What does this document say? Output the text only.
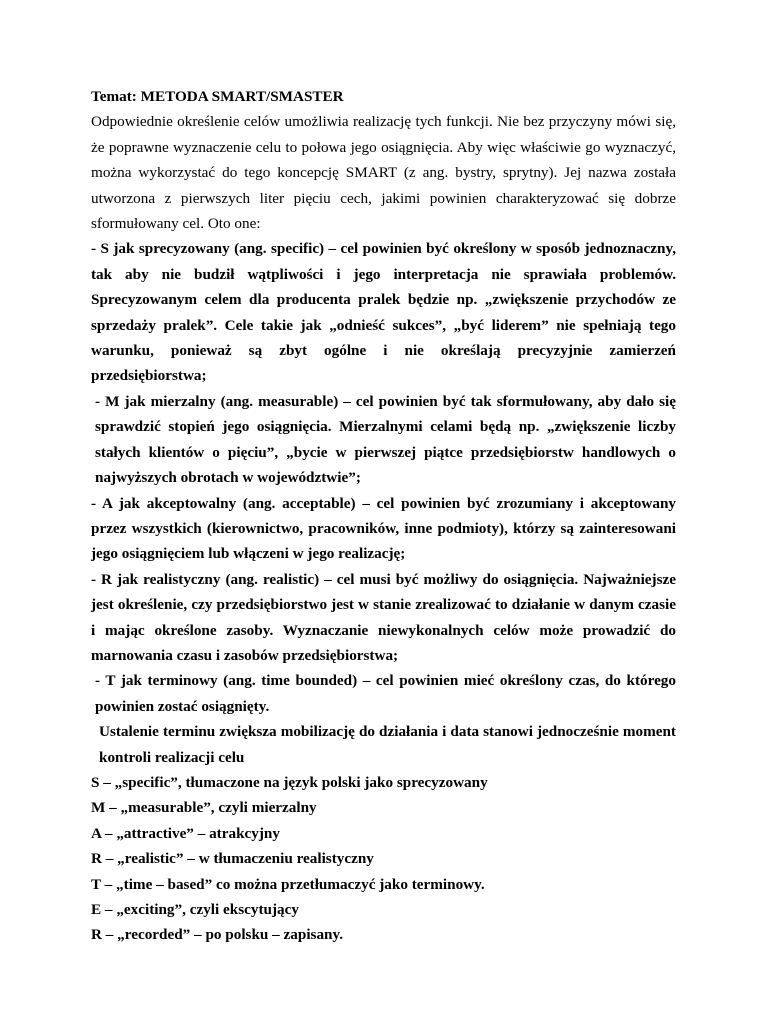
Temat: METODA SMART/SMASTER

Odpowiednie określenie celów umożliwia realizację tych funkcji. Nie bez przyczyny mówi się, że poprawne wyznaczenie celu to połowa jego osiągnięcia. Aby więc właściwie go wyznaczyć, można wykorzystać do tego koncepcję SMART (z ang. bystry, sprytny). Jej nazwa została utworzona z pierwszych liter pięciu cech, jakimi powinien charakteryzować się dobrze sformułowany cel. Oto one:

- S jak sprecyzowany (ang. specific) – cel powinien być określony w sposób jednoznaczny, tak aby nie budził wątpliwości i jego interpretacja nie sprawiała problemów. Sprecyzowanym celem dla producenta pralek będzie np. „zwiększenie przychodów ze sprzedaży pralek”. Cele takie jak „odnieść sukces”, „być liderem” nie spełniają tego warunku, ponieważ są zbyt ogólne i nie określają precyzyjnie zamierzeń przedsiębiorstwa;

- M jak mierzalny (ang. measurable) – cel powinien być tak sformułowany, aby dało się sprawdzić stopień jego osiągnięcia. Mierzalnymi celami będą np. „zwiększenie liczby stałych klientów o pięciu”, „bycie w pierwszej piątce przedsiębiorstw handlowych o najwyższych obrotach w województwie”;

- A jak akceptowalny (ang. acceptable) – cel powinien być zrozumiany i akceptowany przez wszystkich (kierownictwo, pracowników, inne podmioty), którzy są zainteresowani jego osiągnięciem lub włączeni w jego realizację;

- R jak realistyczny (ang. realistic) – cel musi być możliwy do osiągnięcia. Najważniejsze jest określenie, czy przedsiębiorstwo jest w stanie zrealizować to działanie w danym czasie i mając określone zasoby. Wyznaczanie niewykonalnych celów może prowadzić do marnowania czasu i zasobów przedsiębiorstwa;

- T jak terminowy (ang. time bounded) – cel powinien mieć określony czas, do którego powinien zostać osiągnięty.

Ustalenie terminu zwiększa mobilizację do działania i data stanowi jednocześnie moment kontroli realizacji celu

S – „specific”, tłumaczone na język polski jako sprecyzowany

M – „measurable”, czyli mierzalny

A – „attractive” – atrakcyjny

R – „realistic” – w tłumaczeniu realistyczny

T – „time – based” co można przetłumaczyć jako terminowy.

E – „exciting”, czyli ekscytujący

R – „recorded” – po polsku – zapisany.
